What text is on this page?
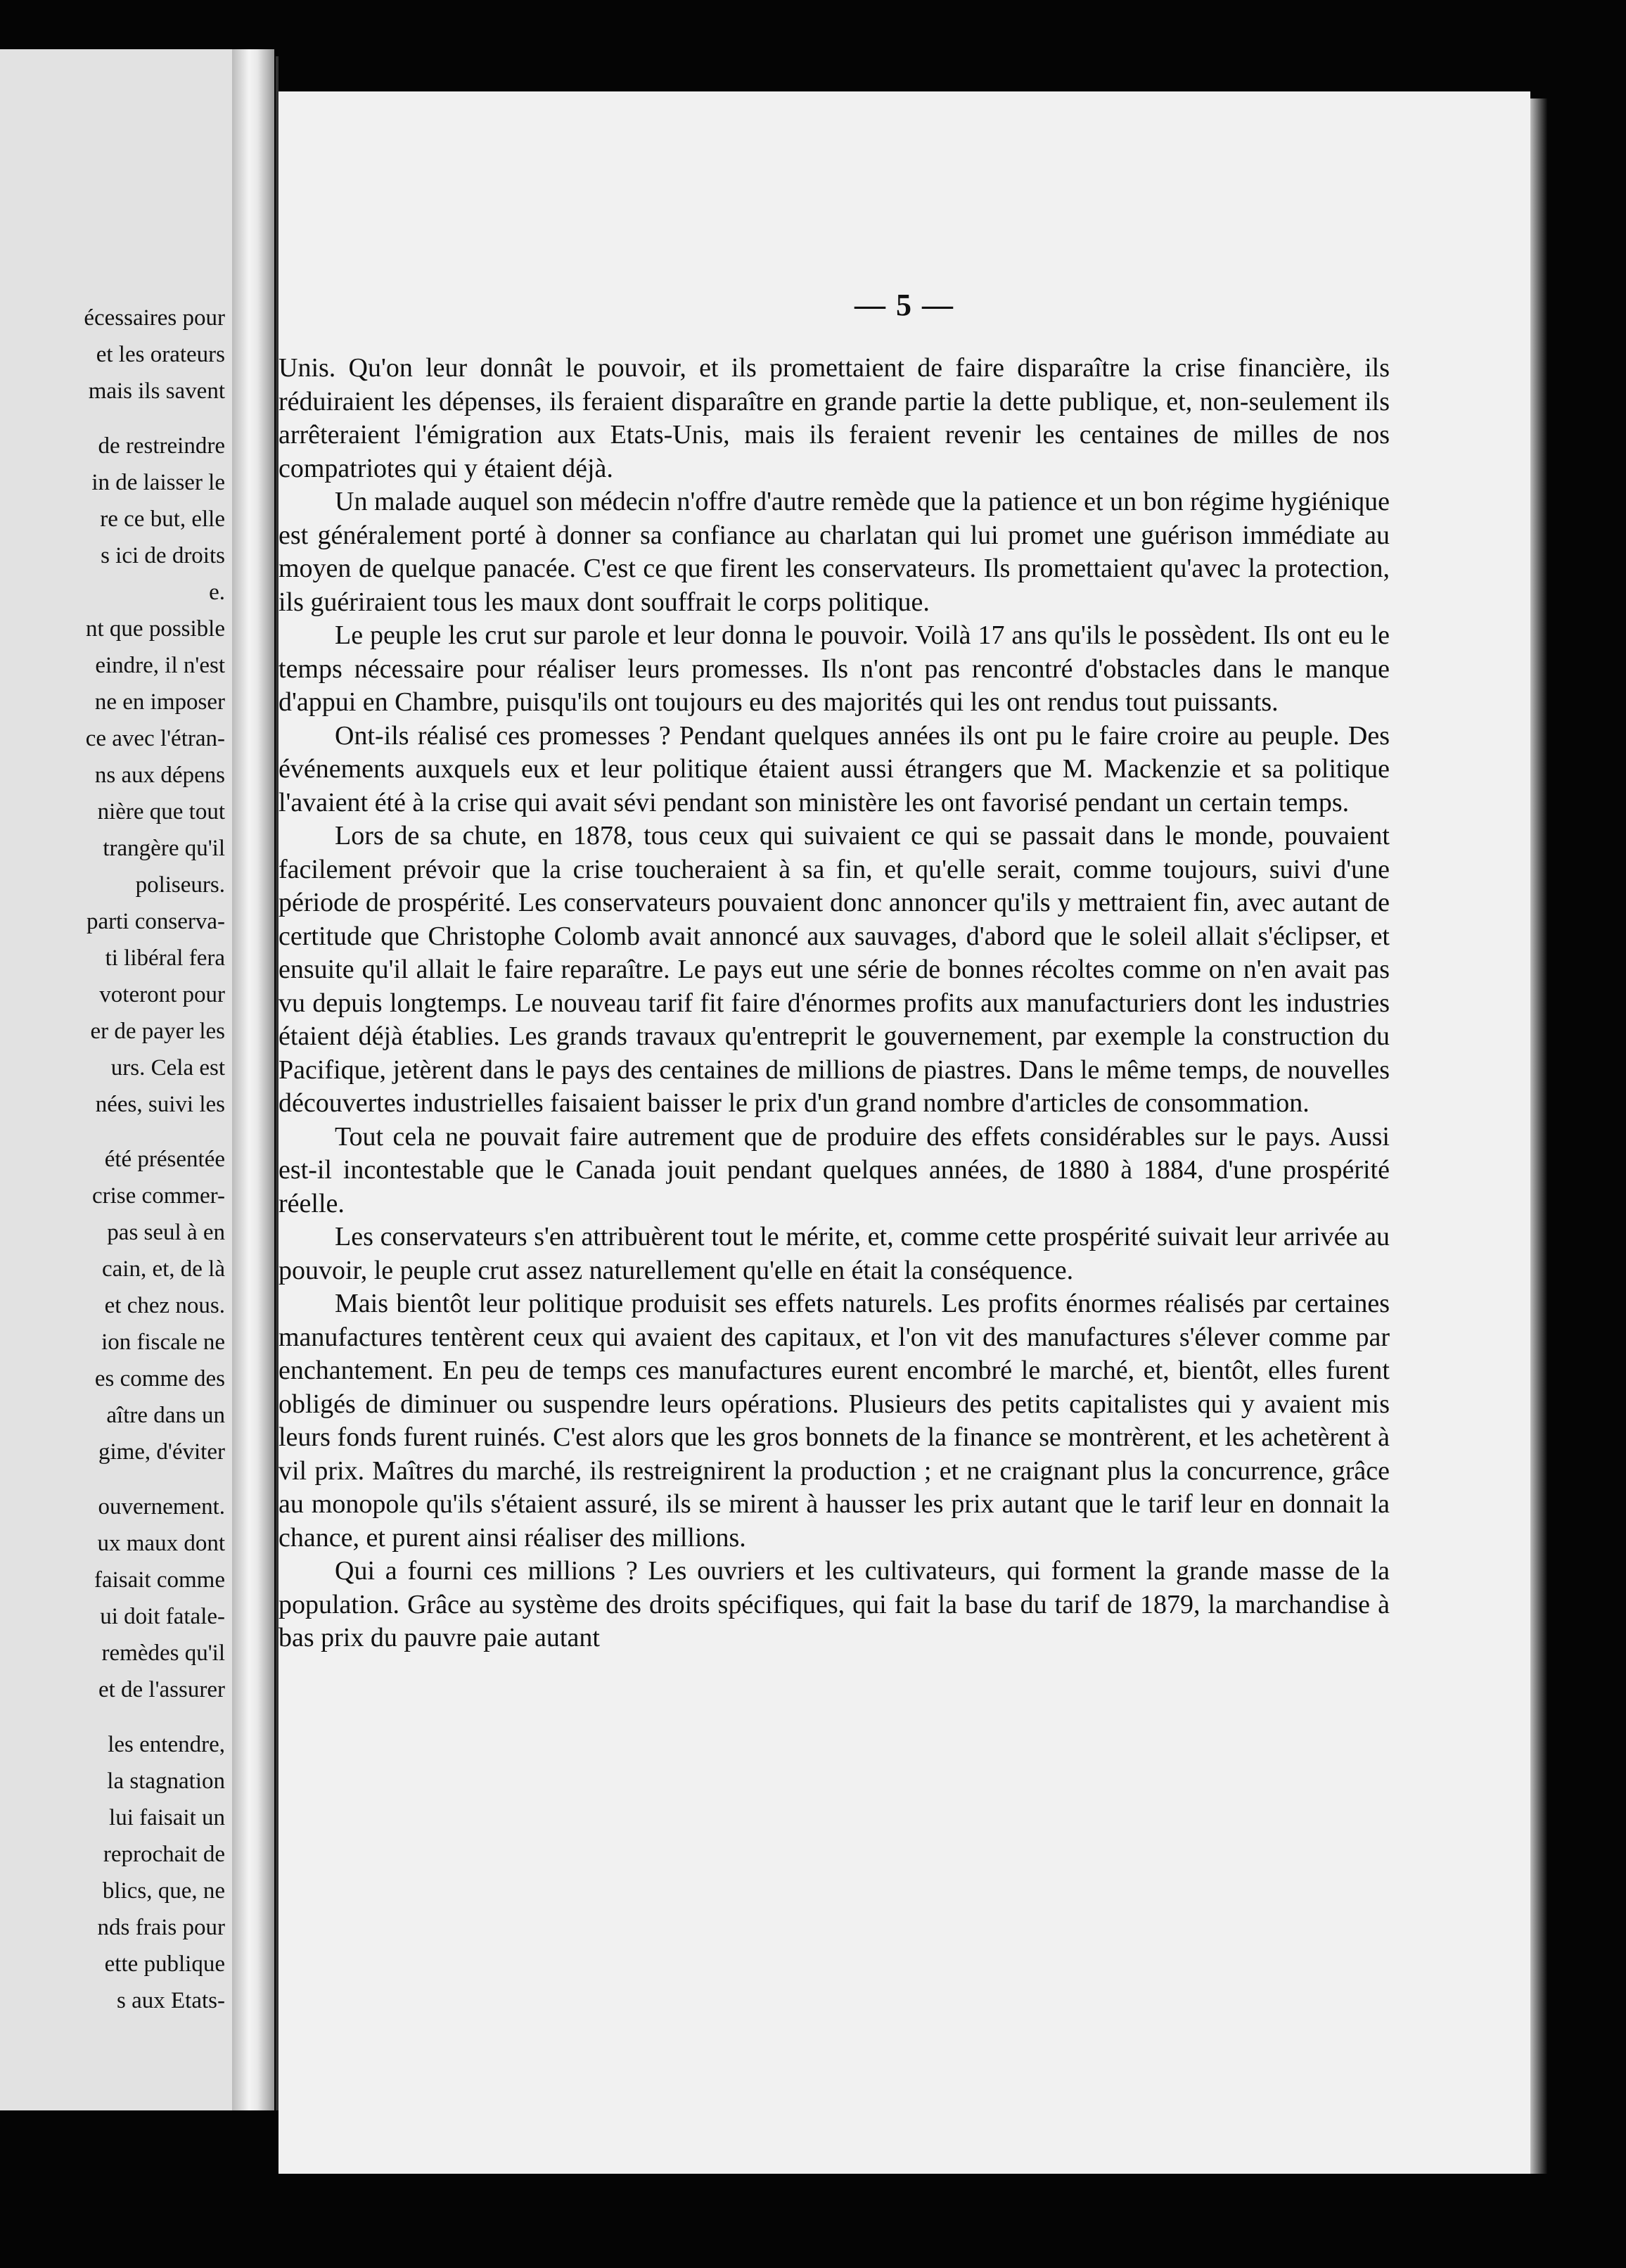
écessaires pour
et les orateurs
mais ils savent
de restreindre
in de laisser le
re ce but, elle
s ici de droits
e.
nt que possible
eindre, il n'est
ne en imposer
ce avec l'étran-
ns aux dépens
nière que tout
trangère qu'il
poliseurs.
parti conserva-
ti libéral fera
voteront pour
er de payer les
urs. Cela est
nées, suivi les
été présentée
crise commer-
pas seul à en
cain, et, de là
et chez nous.
ion fiscale ne
es comme des
aître dans un
gime, d'éviter
ouvernement.
ux maux dont
faisait comme
ui doit fatale-
remèdes qu'il
et de l'assurer
les entendre,
la stagnation
lui faisait un
reprochait de
blics, que, ne
nds frais pour
ette publique
s aux Etats-
— 5 —

Unis. Qu'on leur donnât le pouvoir, et ils promettaient de faire disparaître la crise financière, ils réduiraient les dépenses, ils feraient disparaître en grande partie la dette publique, et, non-seulement ils arrêteraient l'émigration aux Etats-Unis, mais ils feraient revenir les centaines de milles de nos compatriotes qui y étaient déjà.

Un malade auquel son médecin n'offre d'autre remède que la patience et un bon régime hygiénique est généralement porté à donner sa confiance au charlatan qui lui promet une guérison immédiate au moyen de quelque panacée. C'est ce que firent les conservateurs. Ils promettaient qu'avec la protection, ils guériraient tous les maux dont souffrait le corps politique.

Le peuple les crut sur parole et leur donna le pouvoir. Voilà 17 ans qu'ils le possèdent. Ils ont eu le temps nécessaire pour réaliser leurs promesses. Ils n'ont pas rencontré d'obstacles dans le manque d'appui en Chambre, puisqu'ils ont toujours eu des majorités qui les ont rendus tout puissants.

Ont-ils réalisé ces promesses ? Pendant quelques années ils ont pu le faire croire au peuple. Des événements auxquels eux et leur politique étaient aussi étrangers que M. Mackenzie et sa politique l'avaient été à la crise qui avait sévi pendant son ministère les ont favorisé pendant un certain temps.

Lors de sa chute, en 1878, tous ceux qui suivaient ce qui se passait dans le monde, pouvaient facilement prévoir que la crise toucheraient à sa fin, et qu'elle serait, comme toujours, suivi d'une période de prospérité. Les conservateurs pouvaient donc annoncer qu'ils y mettraient fin, avec autant de certitude que Christophe Colomb avait annoncé aux sauvages, d'abord que le soleil allait s'éclipser, et ensuite qu'il allait le faire reparaître. Le pays eut une série de bonnes récoltes comme on n'en avait pas vu depuis longtemps. Le nouveau tarif fit faire d'énormes profits aux manufacturiers dont les industries étaient déjà établies. Les grands travaux qu'entreprit le gouvernement, par exemple la construction du Pacifique, jetèrent dans le pays des centaines de millions de piastres. Dans le même temps, de nouvelles découvertes industrielles faisaient baisser le prix d'un grand nombre d'articles de consommation.

Tout cela ne pouvait faire autrement que de produire des effets considérables sur le pays. Aussi est-il incontestable que le Canada jouit pendant quelques années, de 1880 à 1884, d'une prospérité réelle.

Les conservateurs s'en attribuèrent tout le mérite, et, comme cette prospérité suivait leur arrivée au pouvoir, le peuple crut assez naturellement qu'elle en était la conséquence.

Mais bientôt leur politique produisit ses effets naturels. Les profits énormes réalisés par certaines manufactures tentèrent ceux qui avaient des capitaux, et l'on vit des manufactures s'élever comme par enchantement. En peu de temps ces manufactures eurent encombré le marché, et, bientôt, elles furent obligés de diminuer ou suspendre leurs opérations. Plusieurs des petits capitalistes qui y avaient mis leurs fonds furent ruinés. C'est alors que les gros bonnets de la finance se montrèrent, et les achetèrent à vil prix. Maîtres du marché, ils restreignirent la production ; et ne craignant plus la concurrence, grâce au monopole qu'ils s'étaient assuré, ils se mirent à hausser les prix autant que le tarif leur en donnait la chance, et purent ainsi réaliser des millions.

Qui a fourni ces millions ? Les ouvriers et les cultivateurs, qui forment la grande masse de la population. Grâce au système des droits spécifiques, qui fait la base du tarif de 1879, la marchandise à bas prix du pauvre paie autant
